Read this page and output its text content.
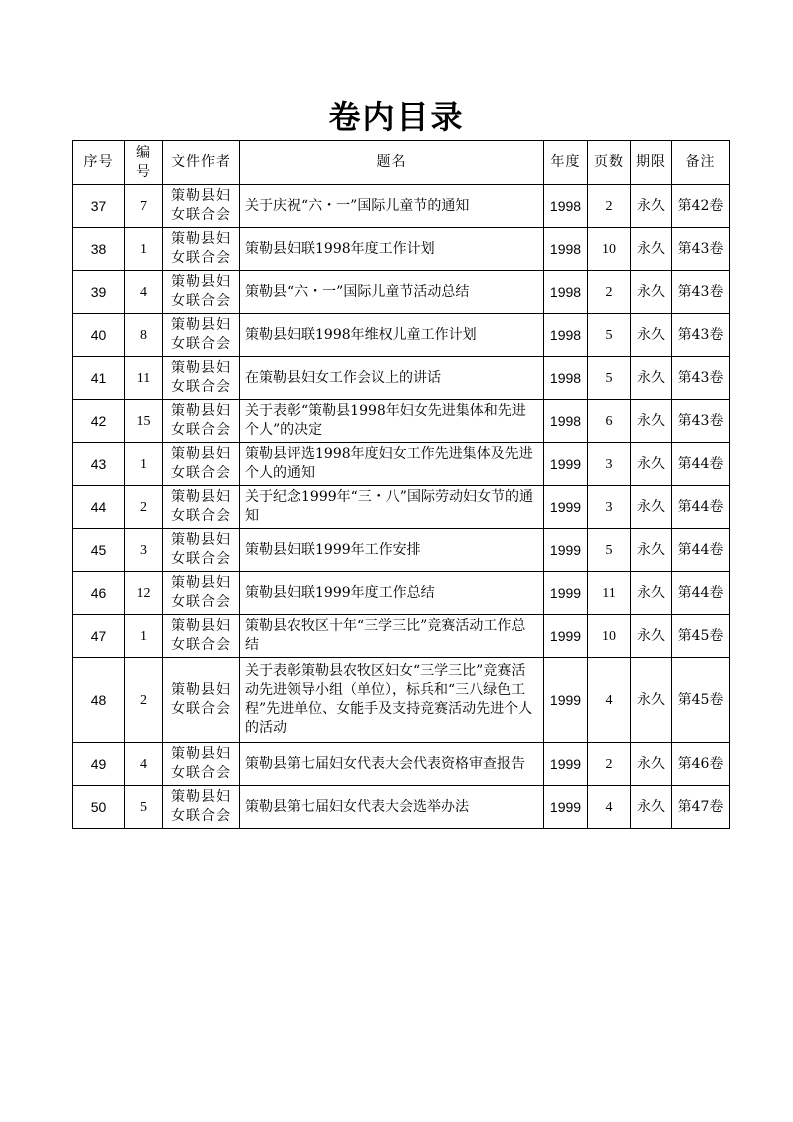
卷内目录
序号	编号	文件作者	题名	年度	页数	期限	备注
37	7	策勒县妇女联合会	关于庆祝“六・一”国际儿童节的通知	1998	2	永久	第42卷
38	1	策勒县妇女联合会	策勒县妇联1998年度工作计划	1998	10	永久	第43卷
39	4	策勒县妇女联合会	策勒县“六・一”国际儿童节活动总结	1998	2	永久	第43卷
40	8	策勒县妇女联合会	策勒县妇联1998年维权儿童工作计划	1998	5	永久	第43卷
41	11	策勒县妇女联合会	在策勒县妇女工作会议上的讲话	1998	5	永久	第43卷
42	15	策勒县妇女联合会	关于表彰“策勒县1998年妇女先进集体和先进个人”的决定	1998	6	永久	第43卷
43	1	策勒县妇女联合会	策勒县评选1998年度妇女工作先进集体及先进个人的通知	1999	3	永久	第44卷
44	2	策勒县妇女联合会	关于纪念1999年“三・八”国际劳动妇女节的通知	1999	3	永久	第44卷
45	3	策勒县妇女联合会	策勒县妇联1999年工作安排	1999	5	永久	第44卷
46	12	策勒县妇女联合会	策勒县妇联1999年度工作总结	1999	11	永久	第44卷
47	1	策勒县妇女联合会	策勒县农牧区十年“三学三比”竞赛活动工作总结	1999	10	永久	第45卷
48	2	策勒县妇女联合会	关于表彰策勒县农牧区妇女“三学三比”竞赛活动先进领导小组（单位），标兵和“三八绿色工程”先进单位、女能手及支持竞赛活动先进个人的活动	1999	4	永久	第45卷
49	4	策勒县妇女联合会	策勒县第七届妇女代表大会代表资格审查报告	1999	2	永久	第46卷
50	5	策勒县妇女联合会	策勒县第七届妇女代表大会选举办法	1999	4	永久	第47卷
